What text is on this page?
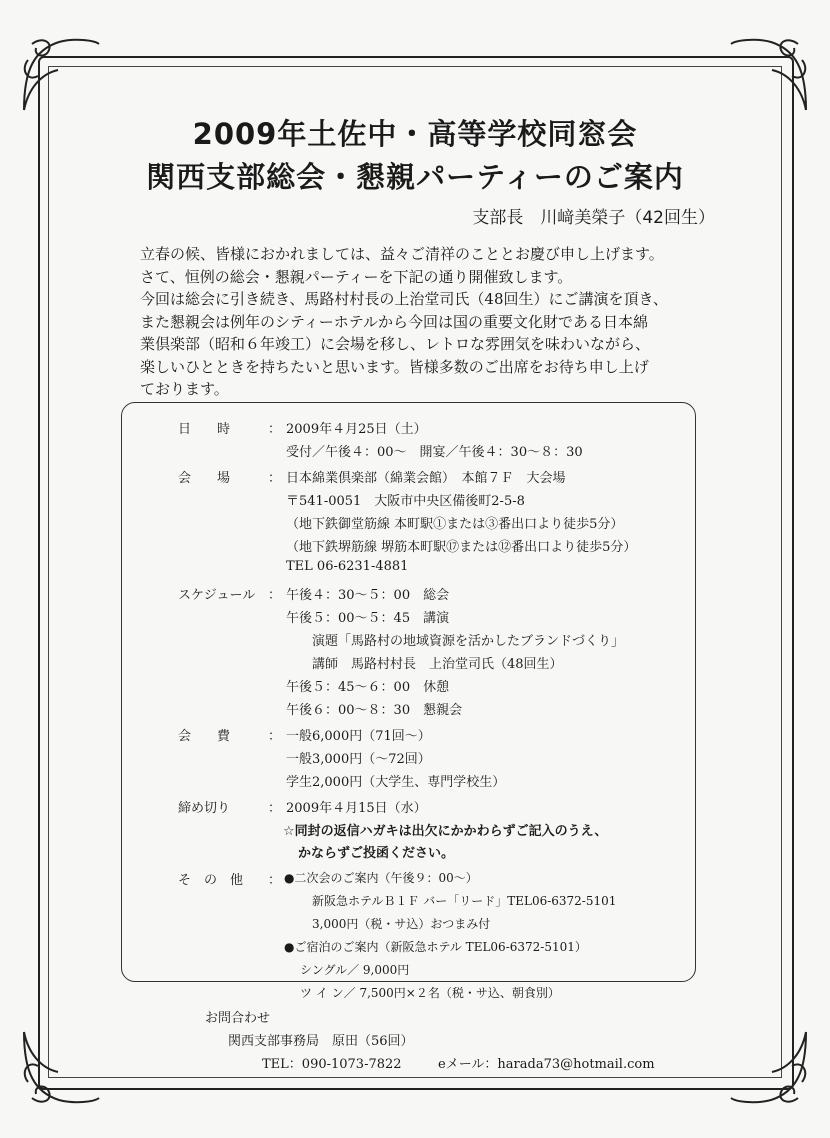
2009年土佐中・高等学校同窓会
関西支部総会・懇親パーティーのご案内
支部長　川﨑美榮子（42回生）

立春の候、皆様におかれましては、益々ご清祥のこととお慶び申し上げます。

さて、恒例の総会・懇親パーティーを下記の通り開催致します。

今回は総会に引き続き、馬路村村長の上治堂司氏（48回生）にご講演を頂き、

また懇親会は例年のシティーホテルから今回は国の重要文化財である日本綿

業倶楽部（昭和６年竣工）に会場を移し、レトロな雰囲気を味わいながら、

楽しいひとときを持ちたいと思います。皆様多数のご出席をお待ち申し上げ

ております。

日　　時	： 2009年４月25日（土）
受付／午後４：00～　開宴／午後４：30～８：30
会　　場	： 日本綿業倶楽部（綿業会館）　本館７Ｆ　大会場
〒541-0051　大阪市中央区備後町2-5-8
（地下鉄御堂筋線 本町駅①または③番出口より徒歩5分）
（地下鉄堺筋線 堺筋本町駅⑰または⑫番出口より徒歩5分）
TEL 06-6231-4881
スケジュール ： 午後４：30～５：00　総会
午後５：00～５：45　講演
演題「馬路村の地域資源を活かしたブランドづくり」
講師　馬路村村長　上治堂司氏（48回生）
午後５：45～６：00　休憩
午後６：00～８：30　懇親会
会　　費	： 一般6,000円（71回～）
一般3,000円（～72回）
学生2,000円（大学生、専門学校生）
締め切り	： 2009年４月15日（水）
☆同封の返信ハガキは出欠にかかわらずご記入のうえ、
かならずご投函ください。
そ　の　他 ： ●二次会のご案内（午後９：00～）
新阪急ホテルＢ１Ｆ バー「リード」TEL06-6372-5101
3,000円（税・サ込）おつまみ付
●ご宿泊のご案内（新阪急ホテル TEL06-6372-5101）
シングル／ 9,000円
ツ イ ン／ 7,500円×２名（税・サ込、朝食別）
お問合わせ
関西支部事務局　原田（56回）
TEL：090-1073-7822	eメール：harada73@hotmail.com
